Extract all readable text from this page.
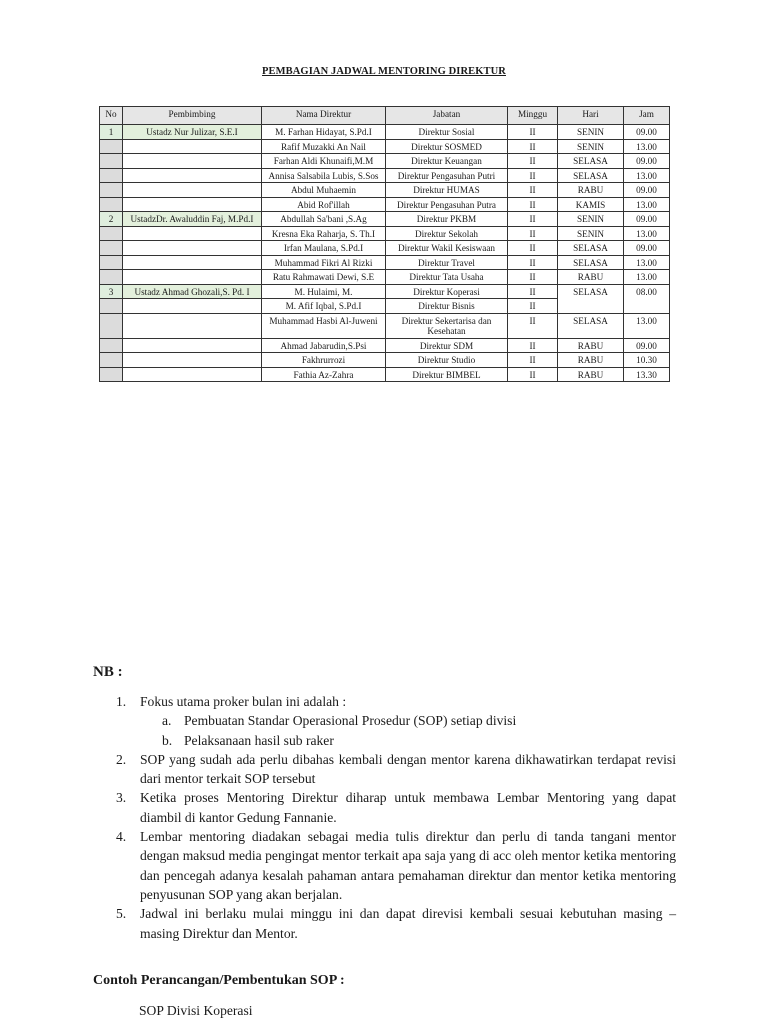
PEMBAGIAN JADWAL MENTORING DIREKTUR
No	Pembimbing	Nama Direktur	Jabatan	Minggu	Hari	Jam
1	Ustadz Nur Julizar, S.E.I	M. Farhan Hidayat, S.Pd.I	Direktur Sosial	II	SENIN	09.00
		Rafif Muzakki An Nail	Direktur SOSMED	II	SENIN	13.00
		Farhan Aldi Khunaifi,M.M	Direktur Keuangan	II	SELASA	09.00
		Annisa Salsabila Lubis, S.Sos	Direktur Pengasuhan Putri	II	SELASA	13.00
		Abdul Muhaemin	Direktur HUMAS	II	RABU	09.00
		Abid Rof'illah	Direktur Pengasuhan Putra	II	KAMIS	13.00
2	UstadzDr. Awaluddin Faj, M.Pd.I	Abdullah Sa'bani ,S.Ag	Direktur PKBM	II	SENIN	09.00
		Kresna Eka Raharja, S. Th.I	Direktur Sekolah	II	SENIN	13.00
		Irfan Maulana, S.Pd.I	Direktur Wakil Kesiswaan	II	SELASA	09.00
		Muhammad Fikri Al Rizki	Direktur Travel	II	SELASA	13.00
		Ratu Rahmawati Dewi, S.E	Direktur Tata Usaha	II	RABU	13.00
3	Ustadz Ahmad Ghozali,S. Pd. I	M. Hulaimi, M.	Direktur Koperasi	II	SELASA	08.00
		M. Afif Iqbal, S.Pd.I	Direktur Bisnis	II		
		Muhammad Hasbi Al-Juweni	Direktur Sekertarisa dan Kesehatan	II	SELASA	13.00
		Ahmad Jabarudin,S.Psi	Direktur SDM	II	RABU	09.00
		Fakhrurrozi	Direktur Studio	II	RABU	10.30
		Fathia Az-Zahra	Direktur BIMBEL	II	RABU	13.30
NB :
1. Fokus utama proker bulan ini adalah :
a. Pembuatan Standar Operasional Prosedur (SOP) setiap divisi
b. Pelaksanaan hasil sub raker
2. SOP yang sudah ada perlu dibahas kembali dengan mentor karena dikhawatirkan terdapat revisi dari mentor terkait SOP tersebut
3. Ketika proses Mentoring Direktur diharap untuk membawa Lembar Mentoring yang dapat diambil di kantor Gedung Fannanie.
4. Lembar mentoring diadakan sebagai media tulis direktur dan perlu di tanda tangani mentor dengan maksud media pengingat mentor terkait apa saja yang di acc oleh mentor ketika mentoring dan pencegah adanya kesalah pahaman antara pemahaman direktur dan mentor ketika mentoring penyusunan SOP yang akan berjalan.
5. Jadwal ini berlaku mulai minggu ini dan dapat direvisi kembali sesuai kebutuhan masing – masing Direktur dan Mentor.
Contoh Perancangan/Pembentukan SOP :
SOP Divisi Koperasi
